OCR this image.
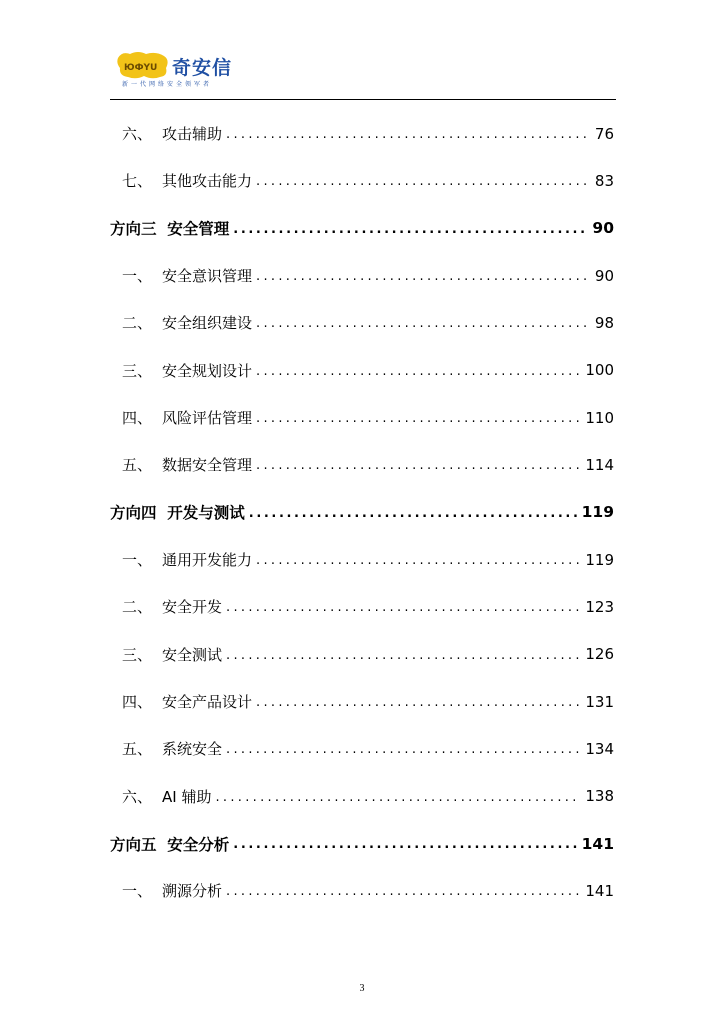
ЮФYU 奇安信
新一代网络安全领军者
六、 攻击辅助 .....	76
七、 其他攻击能力 .....	83
方向三  安全管理 .....	90
一、 安全意识管理 .....	90
二、 安全组织建设 .....	98
三、 安全规划设计 .....	100
四、 风险评估管理 .....	110
五、 数据安全管理 .....	114
方向四  开发与测试 .....	119
一、 通用开发能力 .....	119
二、 安全开发 .....	123
三、 安全测试 .....	126
四、 安全产品设计 .....	131
五、 系统安全 .....	134
六、 AI 辅助 .....	138
方向五  安全分析 .....	141
一、 溯源分析 .....	141
3
